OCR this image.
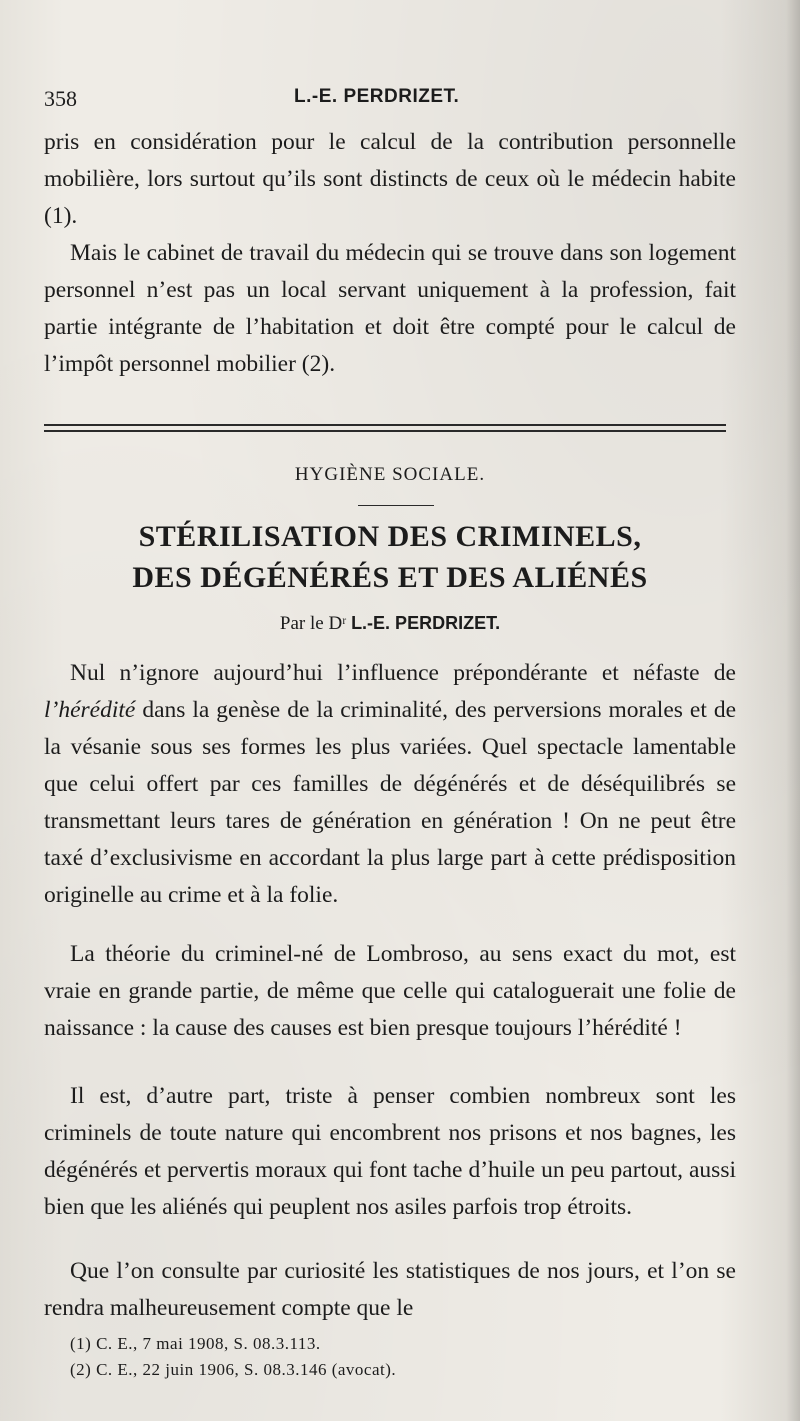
358	L.-E. PERDRIZET.

pris en considération pour le calcul de la contribution personnelle mobilière, lors surtout qu’ils sont distincts de ceux où le médecin habite (1).

Mais le cabinet de travail du médecin qui se trouve dans son logement personnel n’est pas un local servant uniquement à la profession, fait partie intégrante de l’habitation et doit être compté pour le calcul de l’impôt personnel mobilier (2).

HYGIÈNE SOCIALE.
STÉRILISATION DES CRIMINELS,
DES DÉGÉNÉRÉS ET DES ALIÉNÉS
Par le Dʳ L.-E. PERDRIZET.

Nul n’ignore aujourd’hui l’influence prépondérante et néfaste de l’hérédité dans la genèse de la criminalité, des perversions morales et de la vésanie sous ses formes les plus variées. Quel spectacle lamentable que celui offert par ces familles de dégénérés et de déséquilibrés se transmettant leurs tares de génération en génération ! On ne peut être taxé d’exclusivisme en accordant la plus large part à cette prédisposition originelle au crime et à la folie.

La théorie du criminel-né de Lombroso, au sens exact du mot, est vraie en grande partie, de même que celle qui cataloguerait une folie de naissance : la cause des causes est bien presque toujours l’hérédité !

Il est, d’autre part, triste à penser combien nombreux sont les criminels de toute nature qui encombrent nos prisons et nos bagnes, les dégénérés et pervertis moraux qui font tache d’huile un peu partout, aussi bien que les aliénés qui peuplent nos asiles parfois trop étroits.

Que l’on consulte par curiosité les statistiques de nos jours, et l’on se rendra malheureusement compte que le

(1) C. E., 7 mai 1908, S. 08.3.113.
(2) C. E., 22 juin 1906, S. 08.3.146 (avocat).
